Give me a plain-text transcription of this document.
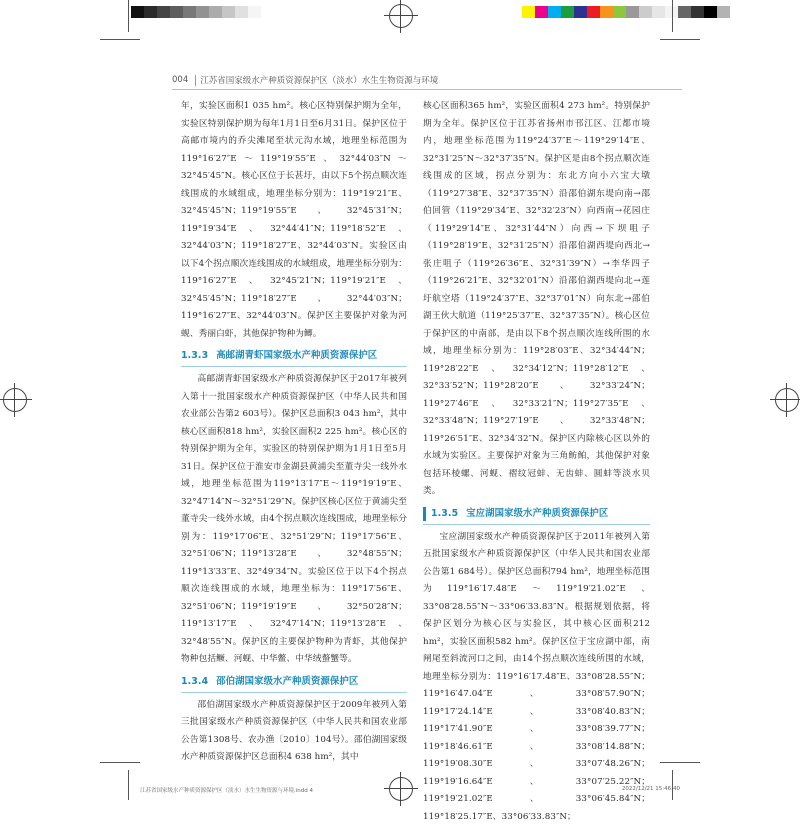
004 江苏省国家级水产种质资源保护区（淡水）水生生物资源与环境

年，实验区面积1 035 hm²。核心区特别保护期为全年，实验区特别保护期为每年1月1日至6月31日。保护区位于高邮市境内的乔尖滩尾至状元沟水域，地理坐标范围为119°16′27″E～119°19′55″E、32°44′03″N～32°45′45″N。核心区位于长甚圩，由以下5个拐点顺次连线围成的水域组成，地理坐标分别为：119°19′21″E、32°45′45″N；119°19′55″E、32°45′31″N；119°19′34″E、32°44′41″N；119°18′52″E、32°44′03″N；119°18′27″E、32°44′03″N。实验区由以下4个拐点顺次连线围成的水域组成，地理坐标分别为：119°16′27″E、32°45′21″N；119°19′21″E、32°45′45″N；119°18′27″E、32°44′03″N；119°16′27″E、32°44′03″N。保护区主要保护对象为河蚬、秀丽白虾，其他保护物种为鲫。

1.3.3 高邮湖青虾国家级水产种质资源保护区

高邮湖青虾国家级水产种质资源保护区于2017年被列入第十一批国家级水产种质资源保护区（中华人民共和国农业部公告第2 603号）。保护区总面积3 043 hm²，其中核心区面积818 hm²，实验区面积2 225 hm²。核心区的特别保护期为全年，实验区的特别保护期为1月1日至5月31日。保护区位于淮安市金湖县黄浦尖至董寺尖一线外水域，地理坐标范围为119°13′17″E～119°19′19″E、32°47′14″N～32°51′29″N。保护区核心区位于黄浦尖至董寺尖一线外水域，由4个拐点顺次连线围成，地理坐标分别为：119°17′06″E、32°51′29″N；119°17′56″E、32°51′06″N；119°13′28″E、32°48′55″N；119°13′33″E、32°49′34″N。实验区位于以下4个拐点顺次连线围成的水域，地理坐标为：119°17′56″E、32°51′06″N；119°19′19″E、32°50′28″N；119°13′17″E、32°47′14″N；119°13′28″E、32°48′55″N。保护区的主要保护物种为青虾，其他保护物种包括鳜、河蚬、中华鳖、中华绒螯蟹等。

1.3.4 邵伯湖国家级水产种质资源保护区

邵伯湖国家级水产种质资源保护区于2009年被列入第三批国家级水产种质资源保护区（中华人民共和国农业部公告第1308号、农办渔〔2010〕104号）。邵伯湖国家级水产种质资源保护区总面积4 638 hm²，其中

核心区面积365 hm²，实验区面积4 273 hm²。特别保护期为全年。保护区位于江苏省扬州市邗江区、江都市境内，地理坐标范围为119°24′37″E～119°29′14″E、32°31′25″N～32°37′35″N。保护区是由8个拐点顺次连线围成的区域，拐点分别为：东北方向小六宝大墩（119°27′38″E、32°37′35″N）沿邵伯湖东堤向南→邵伯回管（119°29′34″E、32°32′23″N）向西南→花园庄（119°29′14″E、32°31′44″N）向西→下坝咀子（119°28′19″E、32°31′25″N）沿邵伯湖西堤向西北→张庄咀子（119°26′36″E、32°31′39″N）→李华四子（119°26′21″E、32°32′01″N）沿邵伯湖西堤向北→莲圩航空塔（119°24′37″E、32°37′01″N）向东北→邵伯湖王伙大航道（119°25′37″E、32°37′35″N）。核心区位于保护区的中南部，是由以下8个拐点顺次连线所围的水域，地理坐标分别为：119°28′03″E、32°34′44″N；119°28′22″E、32°34′12″N；119°28′12″E、32°33′52″N；119°28′20″E、32°33′24″N；119°27′46″E、32°33′21″N；119°27′35″E、32°33′48″N；119°27′19″E、32°33′48″N；119°26′51″E、32°34′32″N。保护区内除核心区以外的水域为实验区。主要保护对象为三角鲂鲌，其他保护对象包括环棱螺、河蚬、褶纹冠蚌、无齿蚌、圆蚌等淡水贝类。

1.3.5 宝应湖国家级水产种质资源保护区

宝应湖国家级水产种质资源保护区于2011年被列入第五批国家级水产种质资源保护区（中华人民共和国农业部公告第1 684号）。保护区总面积794 hm²，地理坐标范围为119°16′17.48″E～119°19′21.02″E、33°08′28.55″N～33°06′33.83″N。根据规划依据，将保护区划分为核心区与实验区，其中核心区面积212 hm²，实验区面积582 hm²。保护区位于宝应湖中部，南闸尾至斜流河口之间，由14个拐点顺次连线所围的水域，地理坐标分别为：119°16′17.48″E、33°08′28.55″N；119°16′47.04″E、33°08′57.90″N；119°17′24.14″E、33°08′40.83″N；119°17′41.90″E、33°08′39.77″N；119°18′46.61″E、33°08′14.88″N；119°19′08.30″E、33°07′48.26″N；119°19′16.64″E、33°07′25.22″N；119°19′21.02″E、33°06′45.84″N；119°18′25.17″E、33°06′33.83″N；

江苏省国家级水产种质资源保护区（淡水）水生生物资源与环境.indd 4	2022/12/21 15:46:40
